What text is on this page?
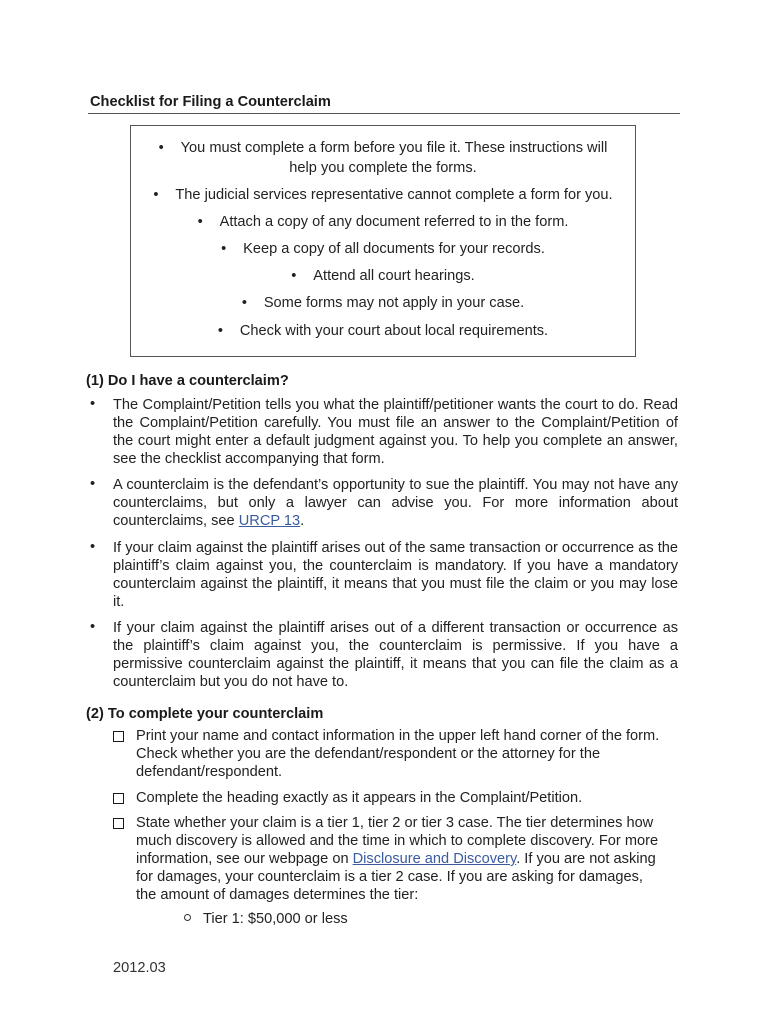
Checklist for Filing a Counterclaim
• You must complete a form before you file it. These instructions will
help you complete the forms.
• The judicial services representative cannot complete a form for you.
• Attach a copy of any document referred to in the form.
• Keep a copy of all documents for your records.
• Attend all court hearings.
• Some forms may not apply in your case.
• Check with your court about local requirements.
(1) Do I have a counterclaim?
• The Complaint/Petition tells you what the plaintiff/petitioner wants the court to do. Read the Complaint/Petition carefully. You must file an answer to the Complaint/Petition of the court might enter a default judgment against you. To help you complete an answer, see the checklist accompanying that form.
• A counterclaim is the defendant’s opportunity to sue the plaintiff. You may not have any counterclaims, but only a lawyer can advise you. For more information about counterclaims, see URCP 13.
• If your claim against the plaintiff arises out of the same transaction or occurrence as the plaintiff’s claim against you, the counterclaim is mandatory. If you have a mandatory counterclaim against the plaintiff, it means that you must file the claim or you may lose it.
• If your claim against the plaintiff arises out of a different transaction or occurrence as the plaintiff’s claim against you, the counterclaim is permissive. If you have a permissive counterclaim against the plaintiff, it means that you can file the claim as a counterclaim but you do not have to.
(2) To complete your counterclaim
Print your name and contact information in the upper left hand corner of the form.
Check whether you are the defendant/respondent or the attorney for the
defendant/respondent.
Complete the heading exactly as it appears in the Complaint/Petition.
State whether your claim is a tier 1, tier 2 or tier 3 case. The tier determines how
much discovery is allowed and the time in which to complete discovery. For more
information, see our webpage on Disclosure and Discovery. If you are not asking
for damages, your counterclaim is a tier 2 case. If you are asking for damages,
the amount of damages determines the tier:
Tier 1: $50,000 or less
2012.03
